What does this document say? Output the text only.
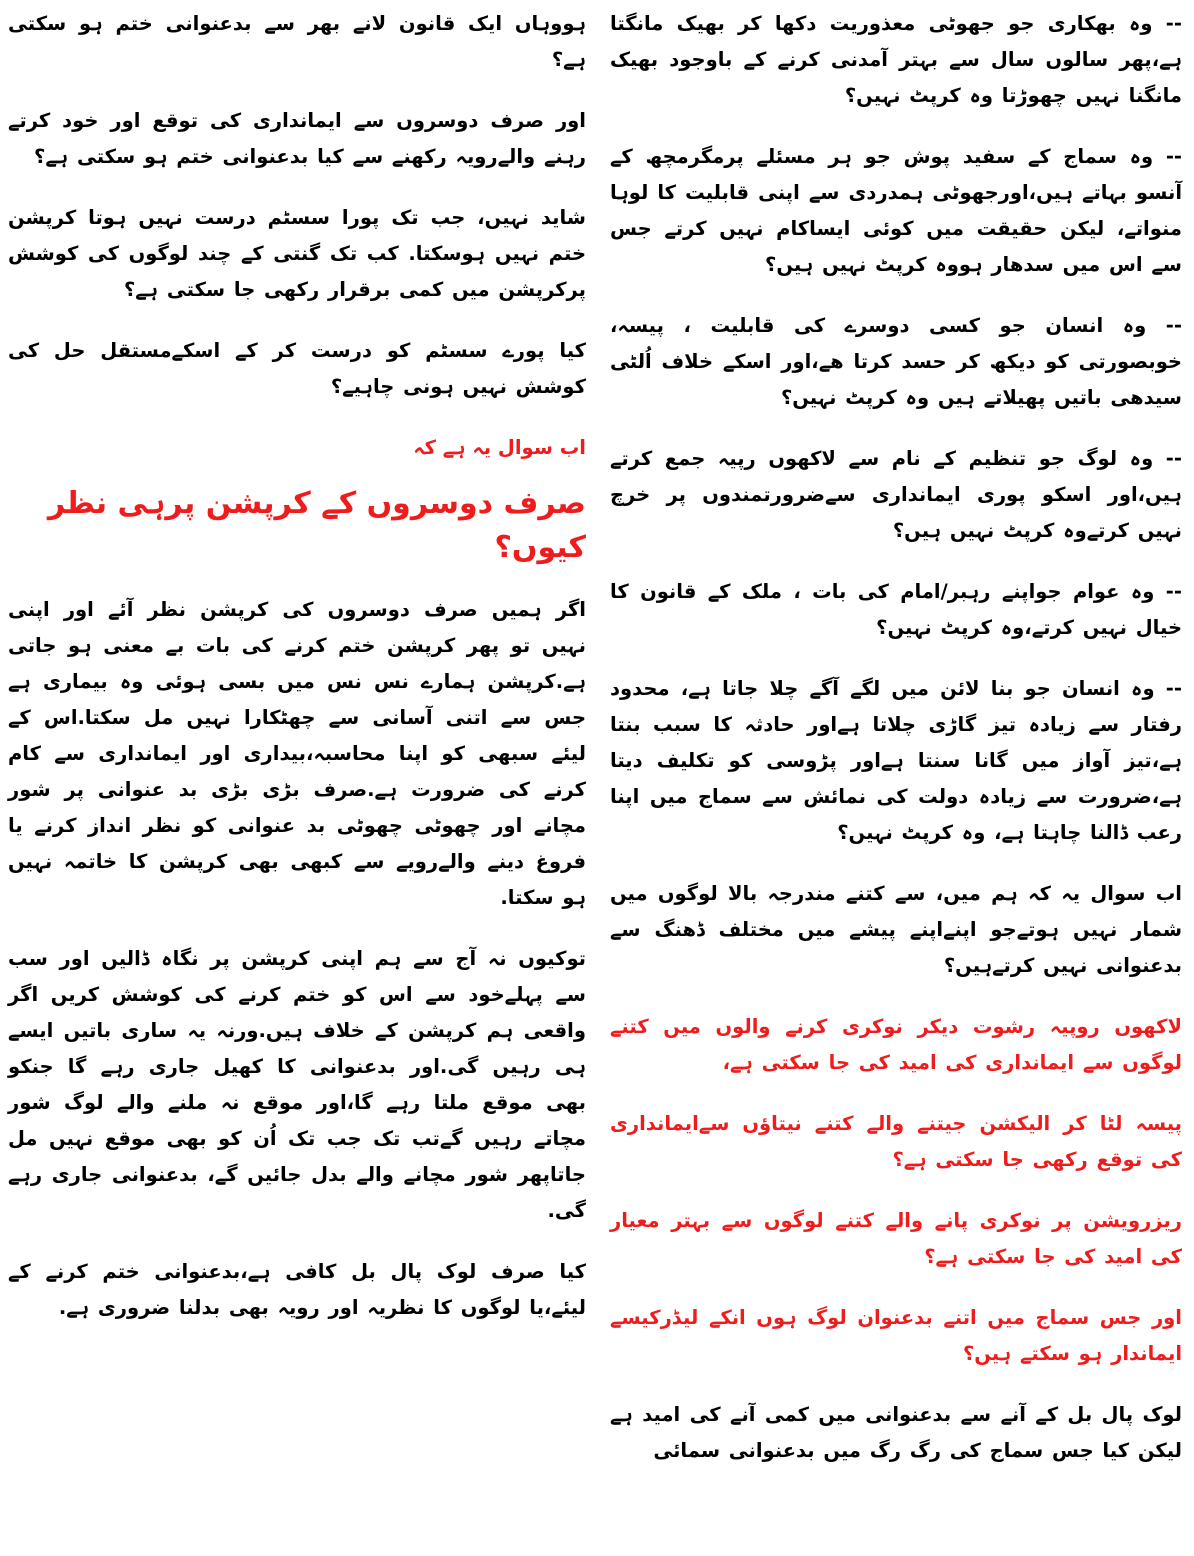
-- وہ بھکاری جو جھوٹی معذوریت دکھا کر بھیک مانگتا ہے،پھر سالوں سال سے بہتر آمدنی کرنے کے باوجود بھیک مانگنا نہیں چھوڑتا وہ کرپٹ نہیں؟

-- وہ سماج کے سفید پوش جو ہر مسئلے پرمگرمچھ کے آنسو بہاتے ہیں،اورجھوٹی ہمدردی سے اپنی قابلیت کا لوہا منواتے، لیکن حقیقت میں کوئی ایساکام نہیں کرتے جس سے اس میں سدھار ہووہ کرپٹ نہیں ہیں؟

-- وہ انسان جو کسی دوسرے کی قابلیت ، پیسہ، خوبصورتی کو دیکھ کر حسد کرتا ھے،اور اسکے خلاف اُلٹی سیدھی باتیں پھیلاتے ہیں وہ کرپٹ نہیں؟

-- وہ لوگ جو تنظیم کے نام سے لاکھوں رپیہ جمع کرتے ہیں،اور اسکو پوری ایمانداری سےضرورتمندوں پر خرچ نہیں کرتےوہ کرپٹ نہیں ہیں؟

-- وہ عوام جواپنے رہبر/امام کی بات ، ملک کے قانون کا خیال نہیں کرتے،وہ کرپٹ نہیں؟

-- وہ انسان جو بنا لائن میں لگے آگے چلا جاتا ہے، محدود رفتار سے زیادہ تیز گاڑی چلاتا ہےاور حادثہ کا سبب بنتا ہے،تیز آواز میں گانا سنتا ہےاور پڑوسی کو تکلیف دیتا ہے،ضرورت سے زیادہ دولت کی نمائش سے سماج میں اپنا رعب ڈالنا چاہتا ہے، وہ کرپٹ نہیں؟

اب سوال یہ کہ ہم میں، سے کتنے مندرجہ بالا لوگوں میں شمار نہیں ہوتےجو اپنےاپنے پیشے میں مختلف ڈھنگ سے بدعنوانی نہیں کرتےہیں؟

لاکھوں روپیہ رشوت دیکر نوکری کرنے والوں میں کتنے لوگوں سے ایمانداری کی امید کی جا سکتی ہے،

پیسہ لٹا کر الیکشن جیتنے والے کتنے نیتاؤں سےایمانداری کی توقع رکھی جا سکتی ہے؟

ریزرویشن پر نوکری پانے والے کتنے لوگوں سے بہتر معیار کی امید کی جا سکتی ہے؟

اور جس سماج میں اتنے بدعنوان لوگ ہوں انکے لیڈرکیسے ایماندار ہو سکتے ہیں؟

لوک پال بل کے آنے سے بدعنوانی میں کمی آنے کی امید ہے لیکن کیا جس سماج کی رگ رگ میں بدعنوانی سمائی

ہووہاں ایک قانون لانے بھر سے بدعنوانی ختم ہو سکتی ہے؟

اور صرف دوسروں سے ایمانداری کی توقع اور خود کرتے رہنے والےرویہ رکھنے سے کیا بدعنوانی ختم ہو سکتی ہے؟

شاید نہیں، جب تک پورا سسٹم درست نہیں ہوتا کرپشن ختم نہیں ہوسکتا. کب تک گنتی کے چند لوگوں کی کوشش پرکرپشن میں کمی برقرار رکھی جا سکتی ہے؟

کیا پورے سسٹم کو درست کر کے اسکےمستقل حل کی کوشش نہیں ہونی چاہیے؟

اب سوال یہ ہے کہ

صرف دوسروں کے کرپشن پرہی نظر کیوں؟

اگر ہمیں صرف دوسروں کی کرپشن نظر آئے اور اپنی نہیں تو پھر کرپشن ختم کرنے کی بات بے معنی ہو جاتی ہے.کرپشن ہمارے نس نس میں بسی ہوئی وہ بیماری ہے جس سے اتنی آسانی سے چھٹکارا نہیں مل سکتا.اس کے لیئے سبھی کو اپنا محاسبہ،بیداری اور ایمانداری سے کام کرنے کی ضرورت ہے.صرف بڑی بڑی بد عنوانی پر شور مچانے اور چھوٹی چھوٹی بد عنوانی کو نظر انداز کرنے یا فروغ دینے والےرویے سے کبھی بھی کرپشن کا خاتمہ نہیں ہو سکتا.

توکیوں نہ آج سے ہم اپنی کرپشن پر نگاہ ڈالیں اور سب سے پہلےخود سے اس کو ختم کرنے کی کوشش کریں اگر واقعی ہم کرپشن کے خلاف ہیں.ورنہ یہ ساری باتیں ایسے ہی رہیں گی.اور بدعنوانی کا کھیل جاری رہے گا جنکو بھی موقع ملتا رہے گا،اور موقع نہ ملنے والے لوگ شور مچاتے رہیں گےتب تک جب تک اُن کو بھی موقع نہیں مل جاتاپھر شور مچانے والے بدل جائیں گے، بدعنوانی جاری رہے گی.

کیا صرف لوک پال بل کافی ہے،بدعنوانی ختم کرنے کے لیئے،یا لوگوں کا نظریہ اور رویہ بھی بدلنا ضروری ہے.
